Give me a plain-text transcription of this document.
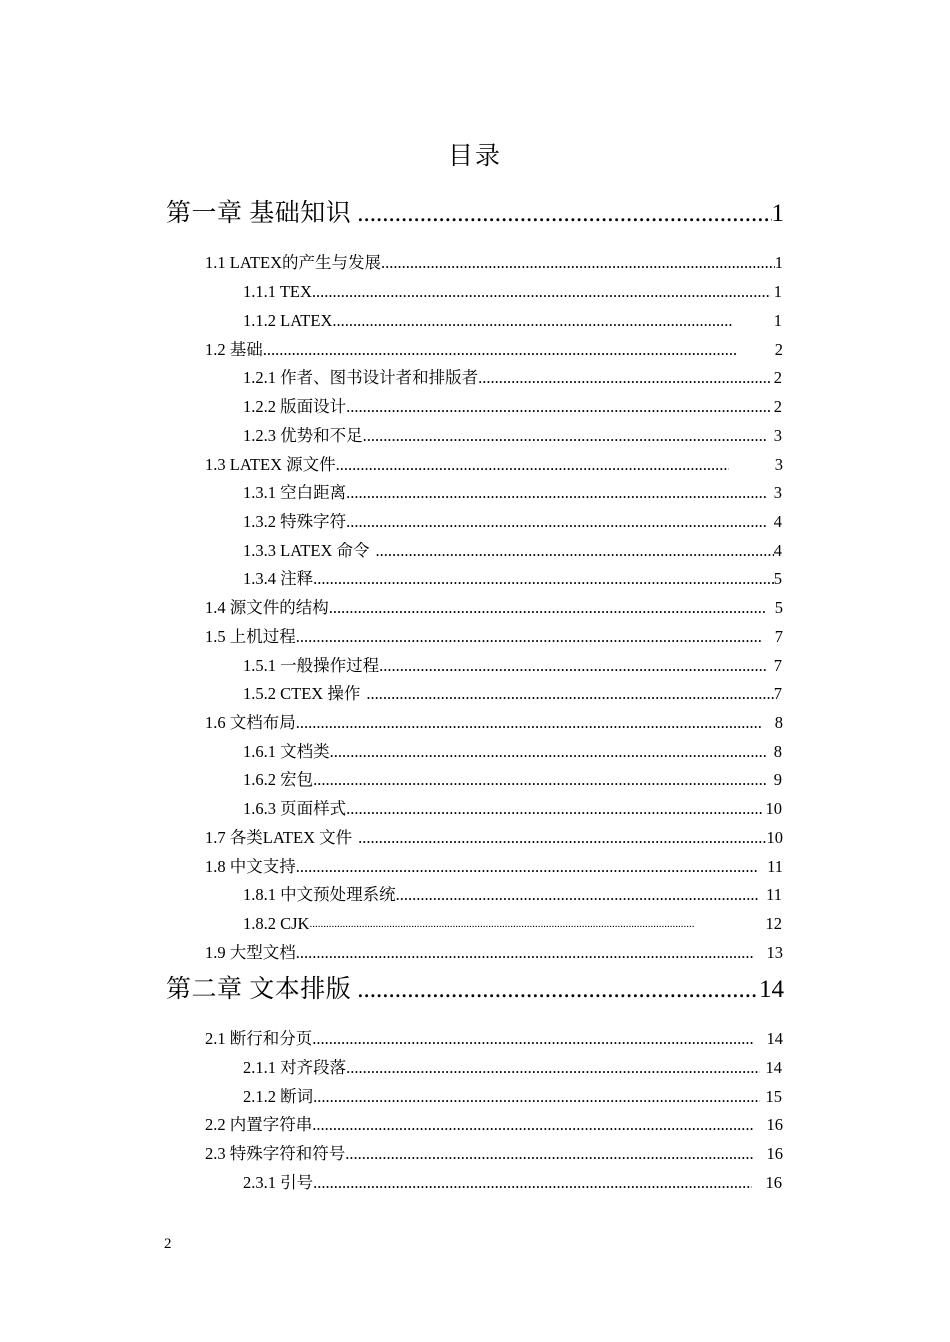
目录
第一章 基础知识 .....	1
1.1 LATEX的产生与发展 .....	1
1.1.1 TEX .....	1
1.1.2 LATEX .....	1
1.2 基础 .....	2
1.2.1 作者、图书设计者和排版者 .....	2
1.2.2 版面设计 .....	2
1.2.3 优势和不足 .....	3
1.3 LATEX 源文件 .....	3
1.3.1 空白距离 .....	3
1.3.2 特殊字符 .....	4
1.3.3 LATEX 命令 .....	4
1.3.4 注释 .....	5
1.4 源文件的结构 .....	5
1.5 上机过程 .....	7
1.5.1 一般操作过程 .....	7
1.5.2 CTEX 操作 .....	7
1.6 文档布局 .....	8
1.6.1 文档类 .....	8
1.6.2 宏包 .....	9
1.6.3 页面样式 .....	10
1.7 各类LATEX 文件 .....	10
1.8 中文支持 .....	11
1.8.1 中文预处理系统 .....	11
1.8.2 CJK .....	12
1.9 大型文档 .....	13
第二章 文本排版 .....	14
2.1 断行和分页 .....	14
2.1.1 对齐段落 .....	14
2.1.2 断词 .....	15
2.2 内置字符串 .....	16
2.3 特殊字符和符号 .....	16
2.3.1 引号 .....	16
2
